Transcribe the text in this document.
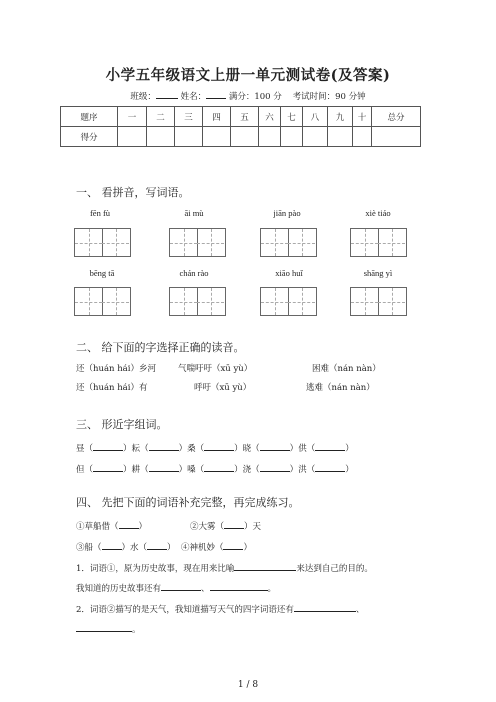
小学五年级语文上册一单元测试卷(及答案)
班级：	姓名：	满分：100 分 考试时间：90 分钟
题序	一	二	三	四	五	六	七	八	九	十	总分
得分											
一、 看拼音，写词语。
fēn fù	āi mù	jiān pào	xiè tiáo
bēng tā	chán rào	xiāo huǐ	shāng yì
二、 给下面的字选择正确的读音。
还（huán hái）乡河	气喘吁吁（xū yù）	困难（nán nàn）
还（huán hái）有	呼吁（xū yù）	逃难（nán nàn）
三、 形近字组词。
昼（	）耘（	）桑（	）晓（	）供（	）
但（	）耕（	）嗓（	）浇（	）洪（	）
四、 先把下面的词语补充完整，再完成练习。
①草船借（ ）	②大雾（ ）天
③船（ ）水（ ） ④神机妙（ ）
1．词语①，原为历史故事，现在用来比喻	来达到自己的目的。
我知道的历史故事还有	、	。
2．词语②描写的是天气，我知道描写天气的四字词语还有	、
。
1 / 8
